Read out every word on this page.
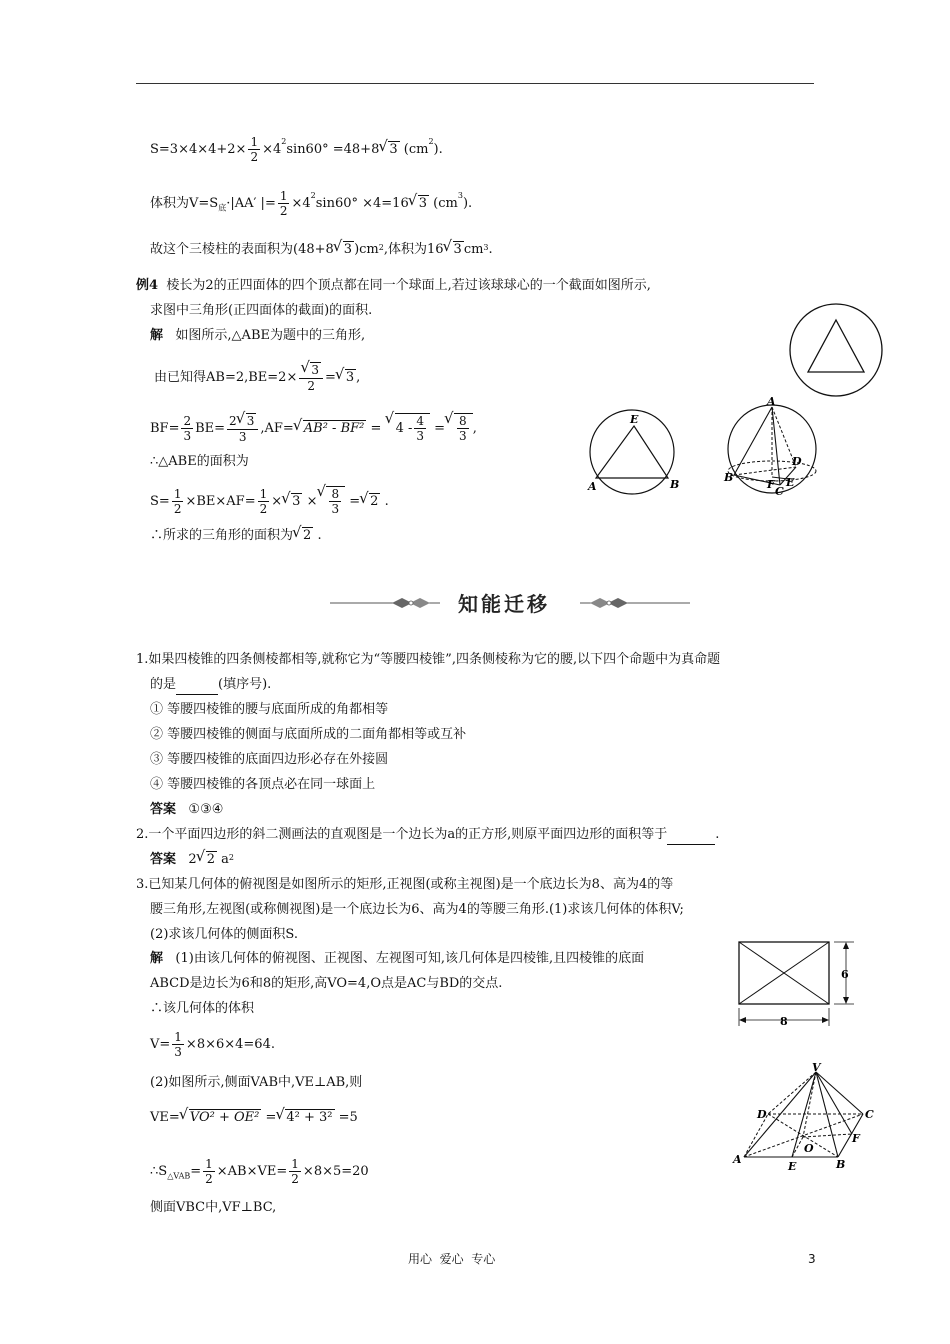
$S=3\times 4\times 4+2\times \frac{1}{2} \times 4^2\sin 60^\circ =48+8√$ 3 $(cm^2)$.
体积为$V=S_底\cdot|AA'$ |= $\frac{1}{2} \times 4^2\sin 60^\circ \times 4=16√$ 3 $(cm^3)$.
故这个三棱柱的表面积为(48+8√ 3 )$cm^2$,体积为16√ 3 $cm^3$.
例4 棱长为2的正四面体的四个顶点都在同一个球面上,若过该球球心的一个截面如图所示,
求图中三角形(正四面体的截面)的面积.
解 如图所示,△ABE为题中的三角形,
由已知得AB=2,BE=2×
√ $\frac{3}{2}$ =√ 3 ,
$BF= \frac{2}{3} BE= \frac{2√ 3}{3} ,AF=√$ AB² - BF² = √ $4 - \frac{4}{3}$ =
√ $\frac{8}{3}$ ,
∴△ABE的面积为
$S= \frac{1}{2} \times BE\times AF= \frac{1}{2}$ ×√ 3 ×
√ $\frac{8}{3}$ =√ 2 .
∴所求的三角形的面积为√ 2 .
E
A	B
A
B
D
C
F E
知能迁移
1.如果四棱锥的四条侧棱都相等,就称它为“等腰四棱锥”,四条侧棱称为它的腰,以下四个命题中为真命题
的是	(填序号).
① 等腰四棱锥的腰与底面所成的角都相等
② 等腰四棱锥的侧面与底面所成的二面角都相等或互补
③ 等腰四棱锥的底面四边形必存在外接圆
④ 等腰四棱锥的各顶点必在同一球面上
答案 ①③④
2.一个平面四边形的斜二测画法的直观图是一个边长为a的正方形,则原平面四边形的面积等于	.
答案 2√ 2 $a^2$
3.已知某几何体的俯视图是如图所示的矩形,正视图(或称主视图)是一个底边长为8、高为4的等
腰三角形,左视图(或称侧视图)是一个底边长为6、高为4的等腰三角形.(1)求该几何体的体积V;
(2)求该几何体的侧面积S.
解 (1)由该几何体的俯视图、正视图、左视图可知,该几何体是四棱锥,且四棱锥的底面
ABCD是边长为6和8的矩形,高VO=4,O点是AC与BD的交点.
∴该几何体的体积
$V= \frac{1}{3} \times 8\times 6\times 4=64$.
(2)如图所示,侧面VAB中,VE⊥AB,则
VE=√ VO² + OE² =√ 4² + 3² =5
$\therefore S_{\triangle VAB}= \frac{1}{2} \times AB\times VE= \frac{1}{2} \times 8\times 5=20$
侧面VBC中,VF⊥BC,
6
8
V
D	C
F
O
A
E	B
用心  爱心  专心	3
